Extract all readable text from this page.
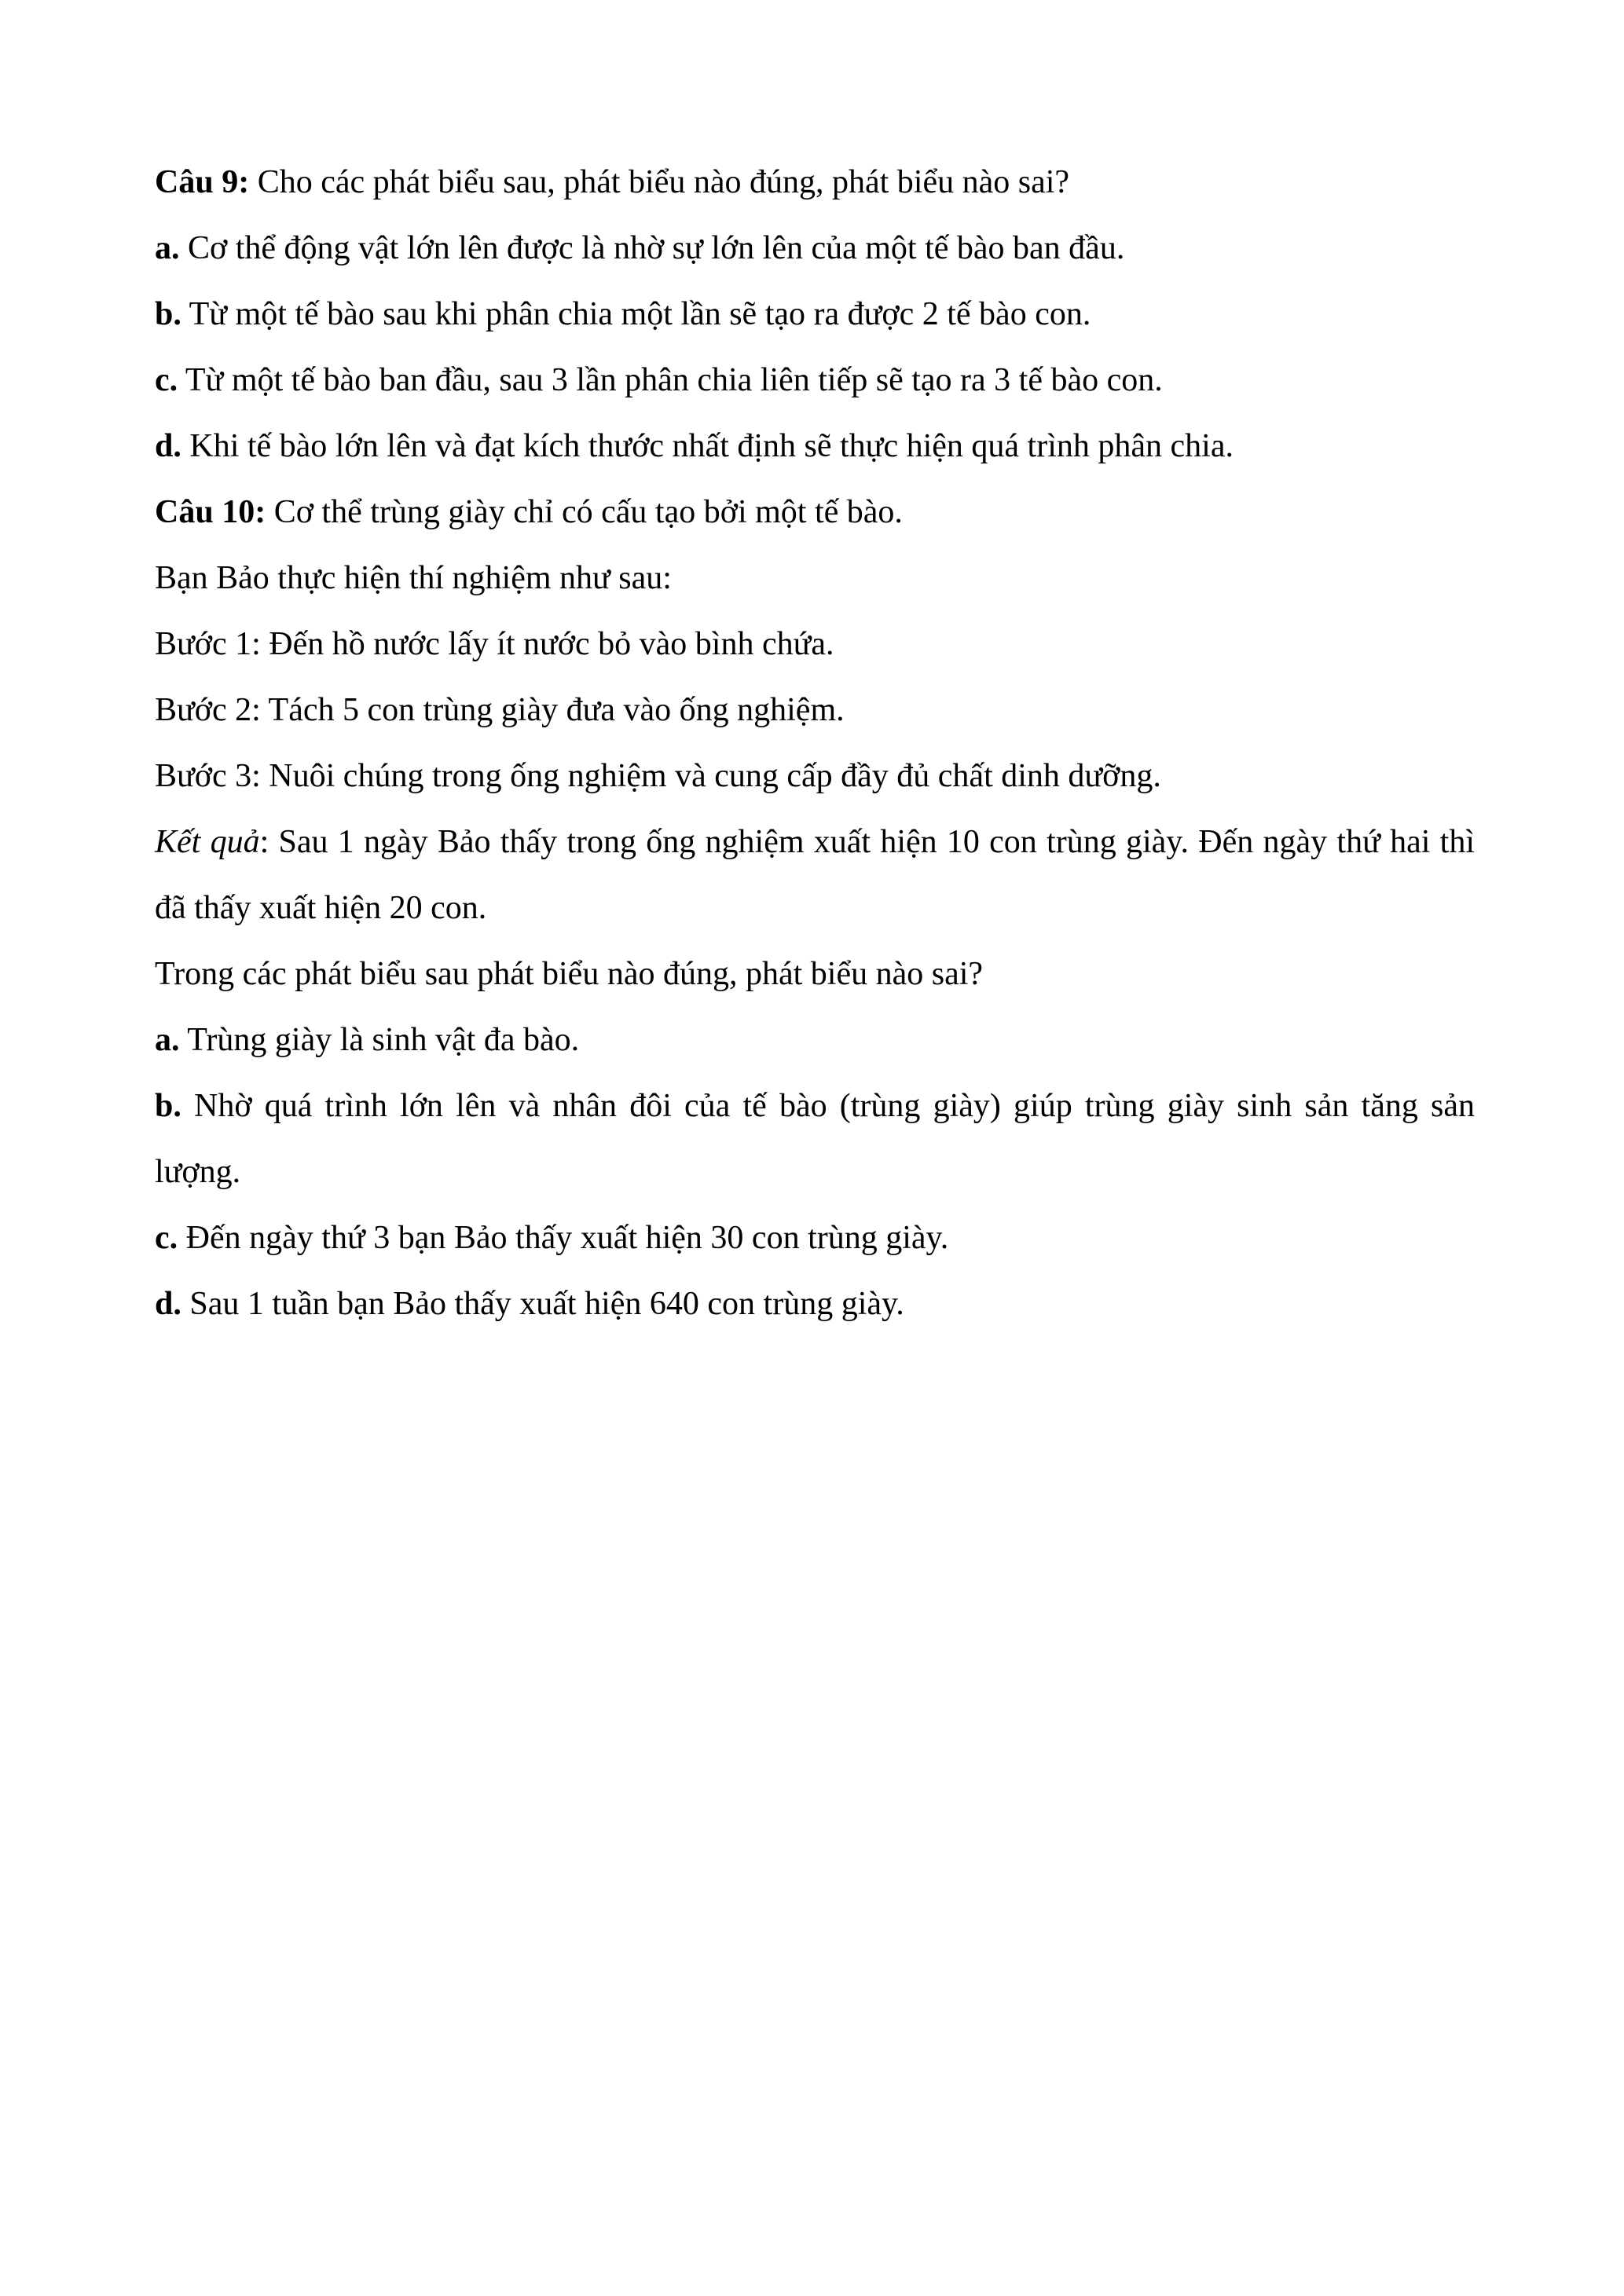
Câu 9: Cho các phát biểu sau, phát biểu nào đúng, phát biểu nào sai?

a. Cơ thể động vật lớn lên được là nhờ sự lớn lên của một tế bào ban đầu.

b. Từ một tế bào sau khi phân chia một lần sẽ tạo ra được 2 tế bào con.

c. Từ một tế bào ban đầu, sau 3 lần phân chia liên tiếp sẽ tạo ra 3 tế bào con.

d. Khi tế bào lớn lên và đạt kích thước nhất định sẽ thực hiện quá trình phân chia.

Câu 10: Cơ thể trùng giày chỉ có cấu tạo bởi một tế bào.

Bạn Bảo thực hiện thí nghiệm như sau:

Bước 1: Đến hồ nước lấy ít nước bỏ vào bình chứa.

Bước 2: Tách 5 con trùng giày đưa vào ống nghiệm.

Bước 3: Nuôi chúng trong ống nghiệm và cung cấp đầy đủ chất dinh dưỡng.

Kết quả: Sau 1 ngày Bảo thấy trong ống nghiệm xuất hiện 10 con trùng giày. Đến ngày thứ hai thì đã thấy xuất hiện 20 con.

Trong các phát biểu sau phát biểu nào đúng, phát biểu nào sai?

a. Trùng giày là sinh vật đa bào.

b. Nhờ quá trình lớn lên và nhân đôi của tế bào (trùng giày) giúp trùng giày sinh sản tăng sản lượng.

c. Đến ngày thứ 3 bạn Bảo thấy xuất hiện 30 con trùng giày.

d. Sau 1 tuần bạn Bảo thấy xuất hiện 640 con trùng giày.
